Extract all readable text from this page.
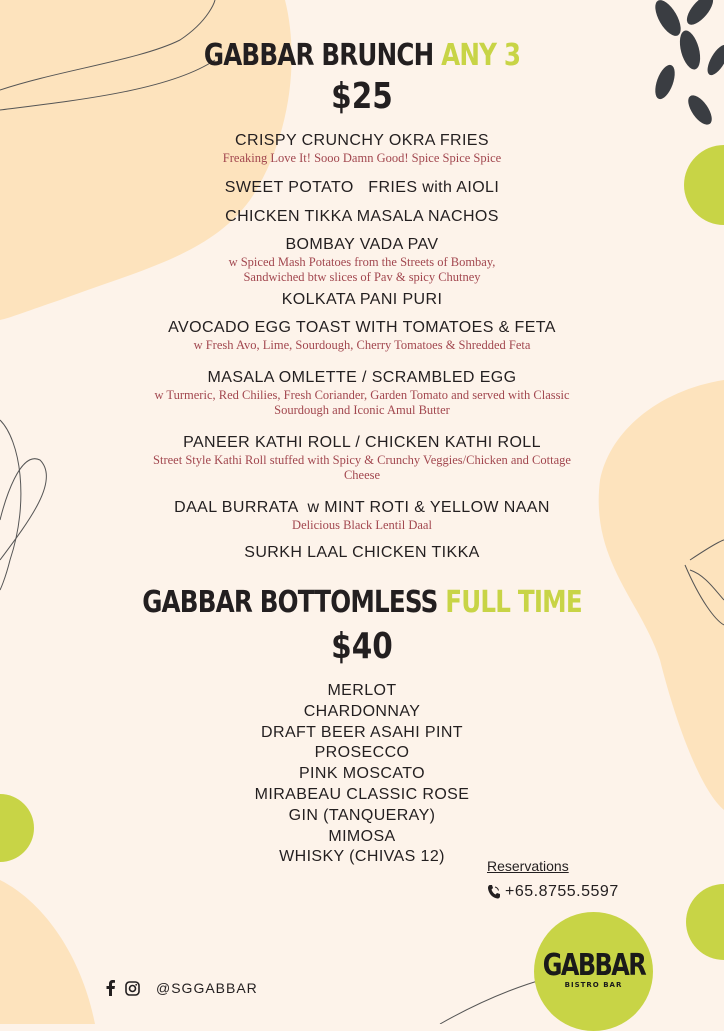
GABBAR BRUNCH ANY 3
$25
CRISPY CRUNCHY OKRA FRIES
Freaking Love It! Sooo Damn Good! Spice Spice Spice
SWEET POTATO   FRIES with AIOLI
CHICKEN TIKKA MASALA NACHOS
BOMBAY VADA PAV
w Spiced Mash Potatoes from the Streets of Bombay, Sandwiched btw slices of Pav & spicy Chutney
KOLKATA PANI PURI
AVOCADO EGG TOAST WITH TOMATOES & FETA
w Fresh Avo, Lime, Sourdough, Cherry Tomatoes & Shredded Feta
MASALA OMLETTE / SCRAMBLED EGG
w Turmeric, Red Chilies, Fresh Coriander, Garden Tomato and served with Classic Sourdough and Iconic Amul Butter
PANEER KATHI ROLL / CHICKEN KATHI ROLL
Street Style Kathi Roll stuffed with Spicy & Crunchy Veggies/Chicken and Cottage Cheese
DAAL BURRATA  w MINT ROTI & YELLOW NAAN
Delicious Black Lentil Daal
SURKH LAAL CHICKEN TIKKA
GABBAR BOTTOMLESS FULL TIME
$40
MERLOT
CHARDONNAY
DRAFT BEER ASAHI PINT
PROSECCO
PINK MOSCATO
MIRABEAU CLASSIC ROSE
GIN (TANQUERAY)
MIMOSA
WHISKY (CHIVAS 12)
Reservations
+65.8755.5597
@SGGABBAR
GABBAR
BISTRO BAR
